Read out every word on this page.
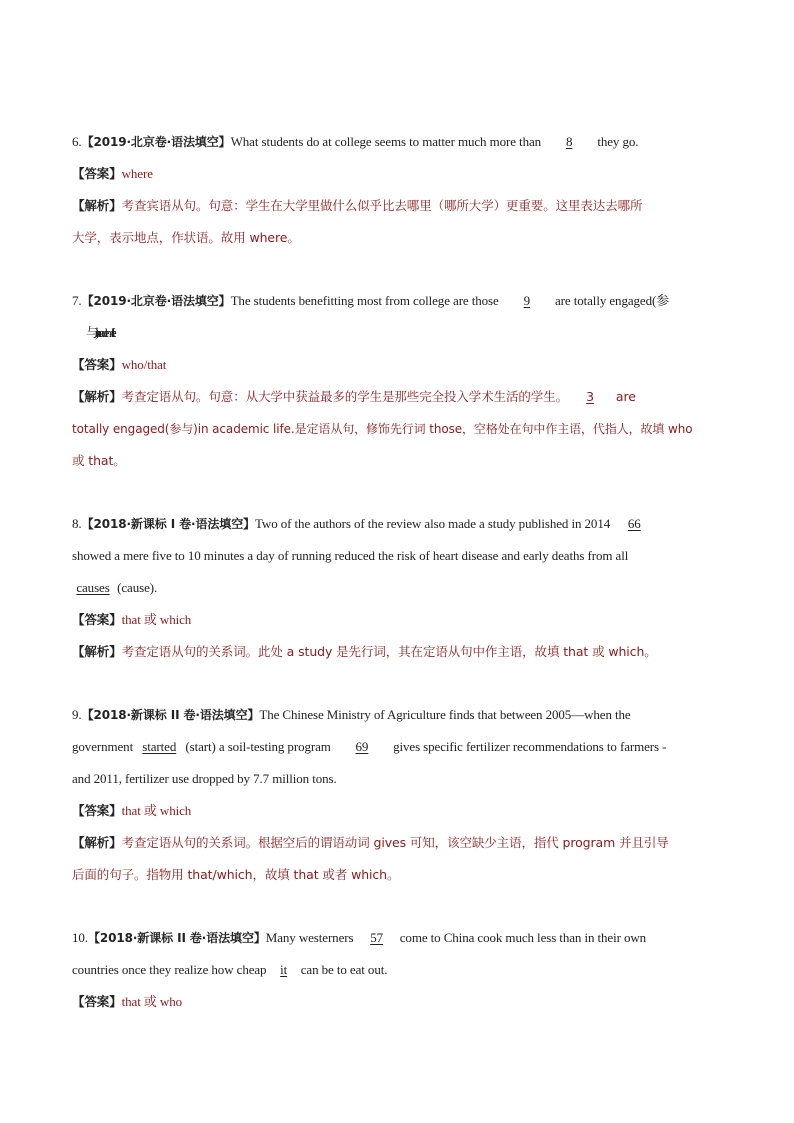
6.【2019·北京卷·语法填空】What students do at college seems to matter much more than 8 they go.
【答案】where
【解析】考查宾语从句。句意：学生在大学里做什么似乎比去哪里（哪所大学）更重要。这里表达去哪所
大学，表示地点，作状语。故用 where。
7.【2019·北京卷·语法填空】The students benefitting most from college are those 9 are totally engaged(参
与)in academic life.
【答案】who/that
【解析】考查定语从句。句意：从大学中获益最多的学生是那些完全投入学术生活的学生。 3 are
totally engaged(参与)in academic life.是定语从句，修饰先行词 those，空格处在句中作主语，代指人，故填 who
或 that。
8.【2018·新课标 I 卷·语法填空】Two of the authors of the review also made a study published in 2014 66
showed a mere five to 10 minutes a day of running reduced the risk of heart disease and early deaths from all
causes (cause).
【答案】that 或 which
【解析】考查定语从句的关系词。此处 a study 是先行词，其在定语从句中作主语，故填 that 或 which。
9.【2018·新课标 II 卷·语法填空】The Chinese Ministry of Agriculture finds that between 2005—when the
government started (start) a soil-testing program 69 gives specific fertilizer recommendations to farmers -
and 2011, fertilizer use dropped by 7.7 million tons.
【答案】that 或 which
【解析】考查定语从句的关系词。根据空后的谓语动词 gives 可知，该空缺少主语，指代 program 并且引导
后面的句子。指物用 that/which，故填 that 或者 which。
10.【2018·新课标 II 卷·语法填空】Many westerners 57 come to China cook much less than in their own
countries once they realize how cheap it can be to eat out.
【答案】that 或 who
